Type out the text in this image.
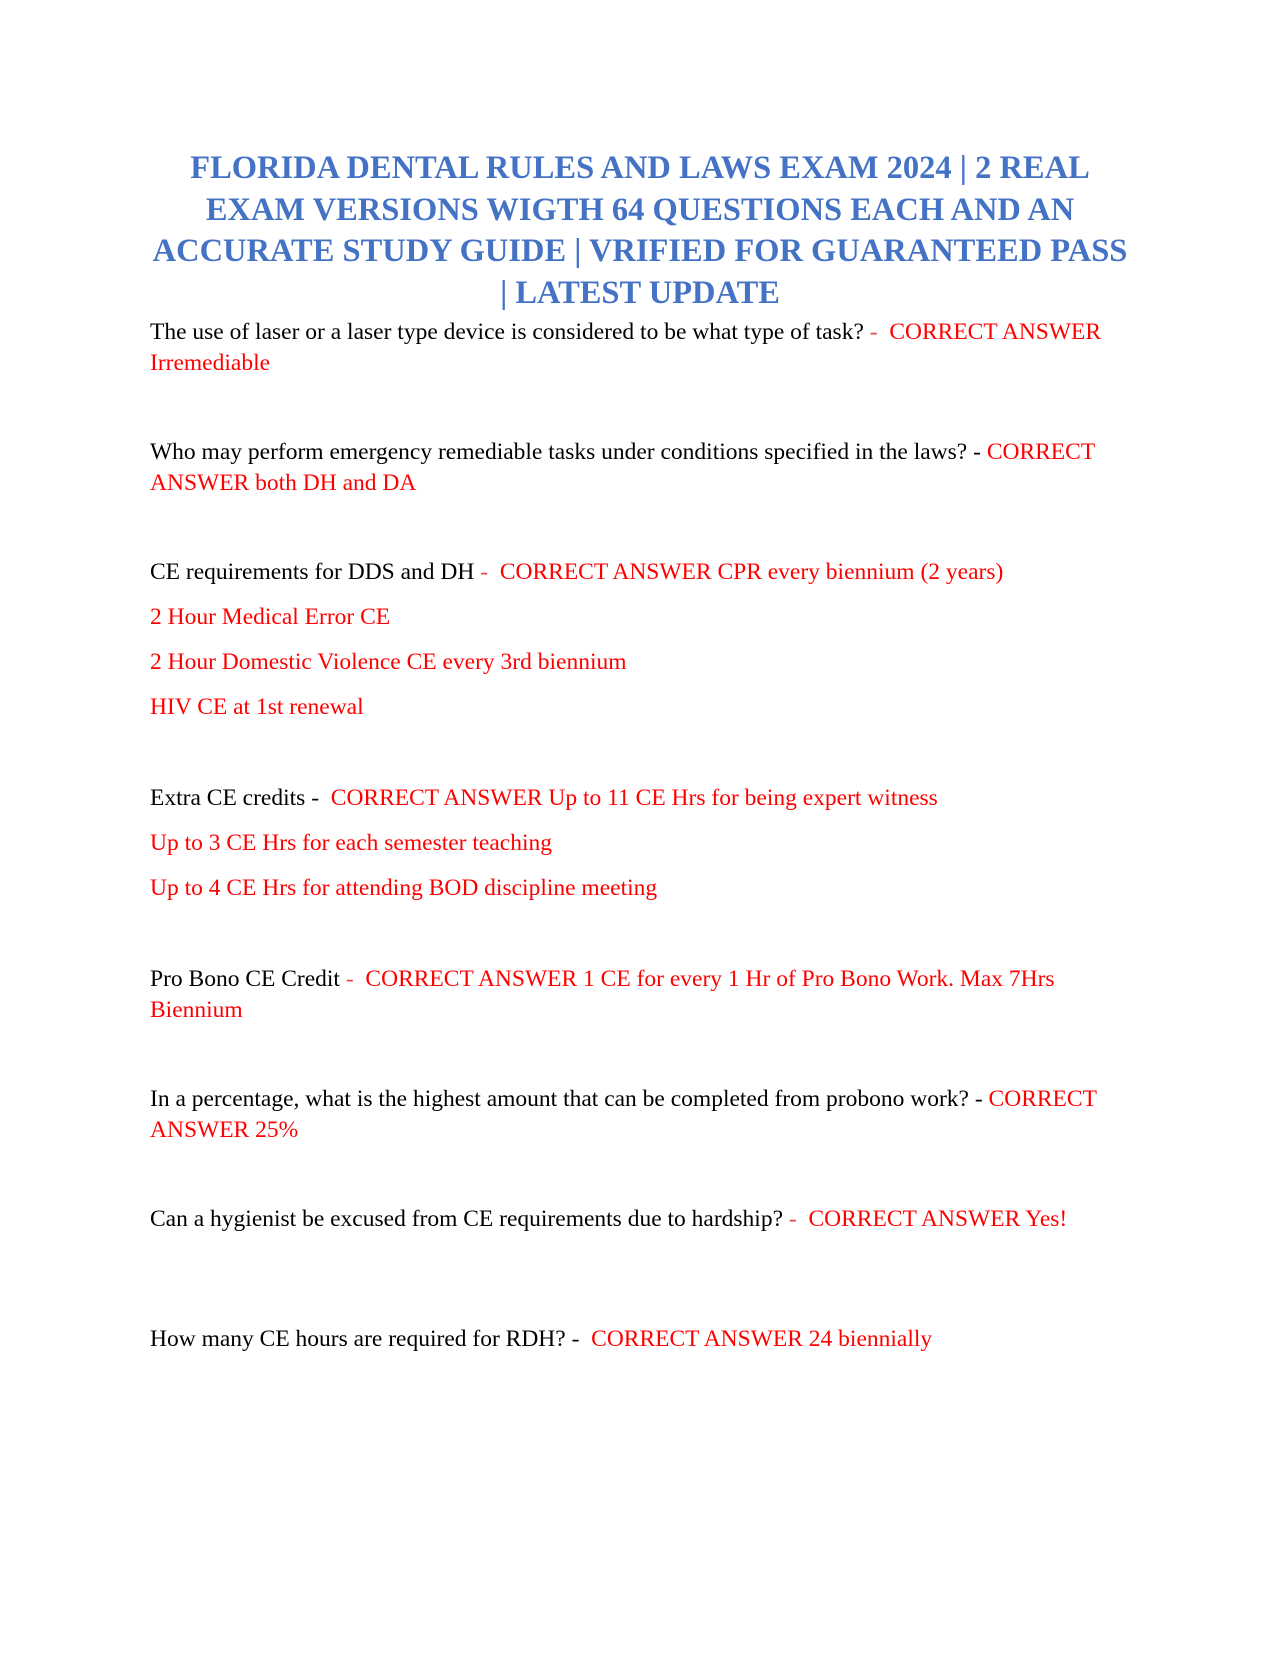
FLORIDA DENTAL RULES AND LAWS EXAM 2024 | 2 REAL EXAM VERSIONS WIGTH 64 QUESTIONS EACH AND AN ACCURATE STUDY GUIDE | VRIFIED FOR GUARANTEED PASS | LATEST UPDATE
The use of laser or a laser type device is considered to be what type of task? -  CORRECT ANSWER Irremediable
Who may perform emergency remediable tasks under conditions specified in the laws? - CORRECT ANSWER both DH and DA
CE requirements for DDS and DH -  CORRECT ANSWER CPR every biennium (2 years)
2 Hour Medical Error CE
2 Hour Domestic Violence CE every 3rd biennium
HIV CE at 1st renewal
Extra CE credits -  CORRECT ANSWER Up to 11 CE Hrs for being expert witness
Up to 3 CE Hrs for each semester teaching
Up to 4 CE Hrs for attending BOD discipline meeting
Pro Bono CE Credit -  CORRECT ANSWER 1 CE for every 1 Hr of Pro Bono Work. Max 7Hrs Biennium
In a percentage, what is the highest amount that can be completed from probono work? - CORRECT ANSWER 25%
Can a hygienist be excused from CE requirements due to hardship? -  CORRECT ANSWER Yes!
How many CE hours are required for RDH? -  CORRECT ANSWER 24 biennially
